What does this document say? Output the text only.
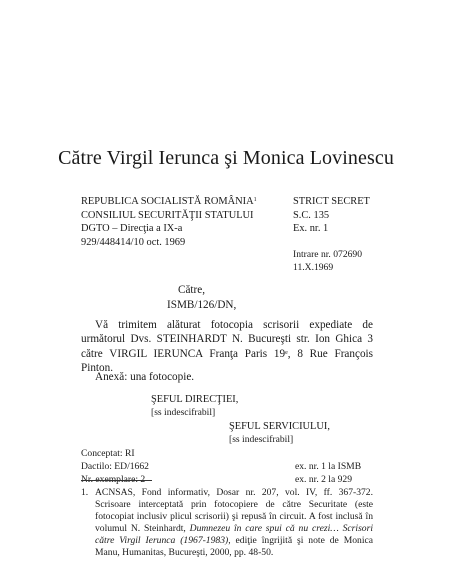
Către Virgil Ierunca şi Monica Lovinescu
REPUBLICA SOCIALISTĂ ROMÂNIA$^1$
CONSILIUL SECURITĂŢII STATULUI
DGTO – Direcţia a IX-a
929/448414/10 oct. 1969
STRICT SECRET
S.C. 135
Ex. nr. 1
Intrare nr. 072690
11.X.1969
Către,
ISMB/126/DN,
Vă trimitem alăturat fotocopia scrisorii expediate de următorul Dvs. STEINHARDT N. Bucureşti str. Ion Ghica 3 către VIRGIL IERUNCA Franţa Paris 19e, 8 Rue François Pinton.
Anexă: una fotocopie.
ŞEFUL DIRECŢIEI,
[ss indescifrabil]
ŞEFUL SERVICIULUI,
[ss indescifrabil]
Conceptat: RI
Dactilo: ED/1662
Nr. exemplare: 2
ex. nr. 1 la ISMB
ex. nr. 2 la 929
1. ACNSAS, Fond informativ, Dosar nr. 207, vol. IV, ff. 367-372. Scrisoare interceptată prin fotocopiere de către Securitate (este fotocopiat inclusiv plicul scrisorii) şi repusă în circuit. A fost inclusă în volumul N. Steinhardt, Dumnezeu în care spui că nu crezi… Scrisori către Virgil Ierunca (1967-1983), ediţie îngrijită şi note de Monica Manu, Humanitas, Bucureşti, 2000, pp. 48-50.
